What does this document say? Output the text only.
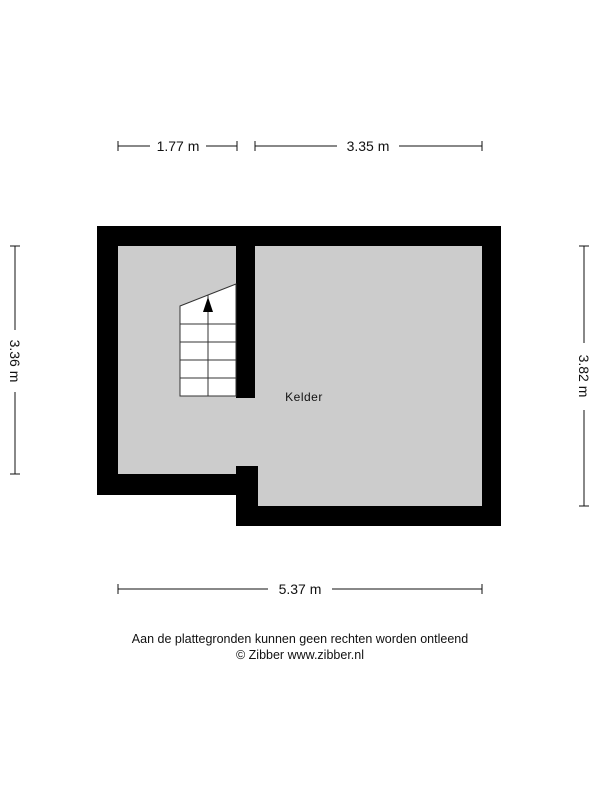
1.77 m	3.35 m
5.37 m
3.36 m	3.82 m
Kelder
Aan de plattegronden kunnen geen rechten worden ontleend
© Zibber www.zibber.nl
